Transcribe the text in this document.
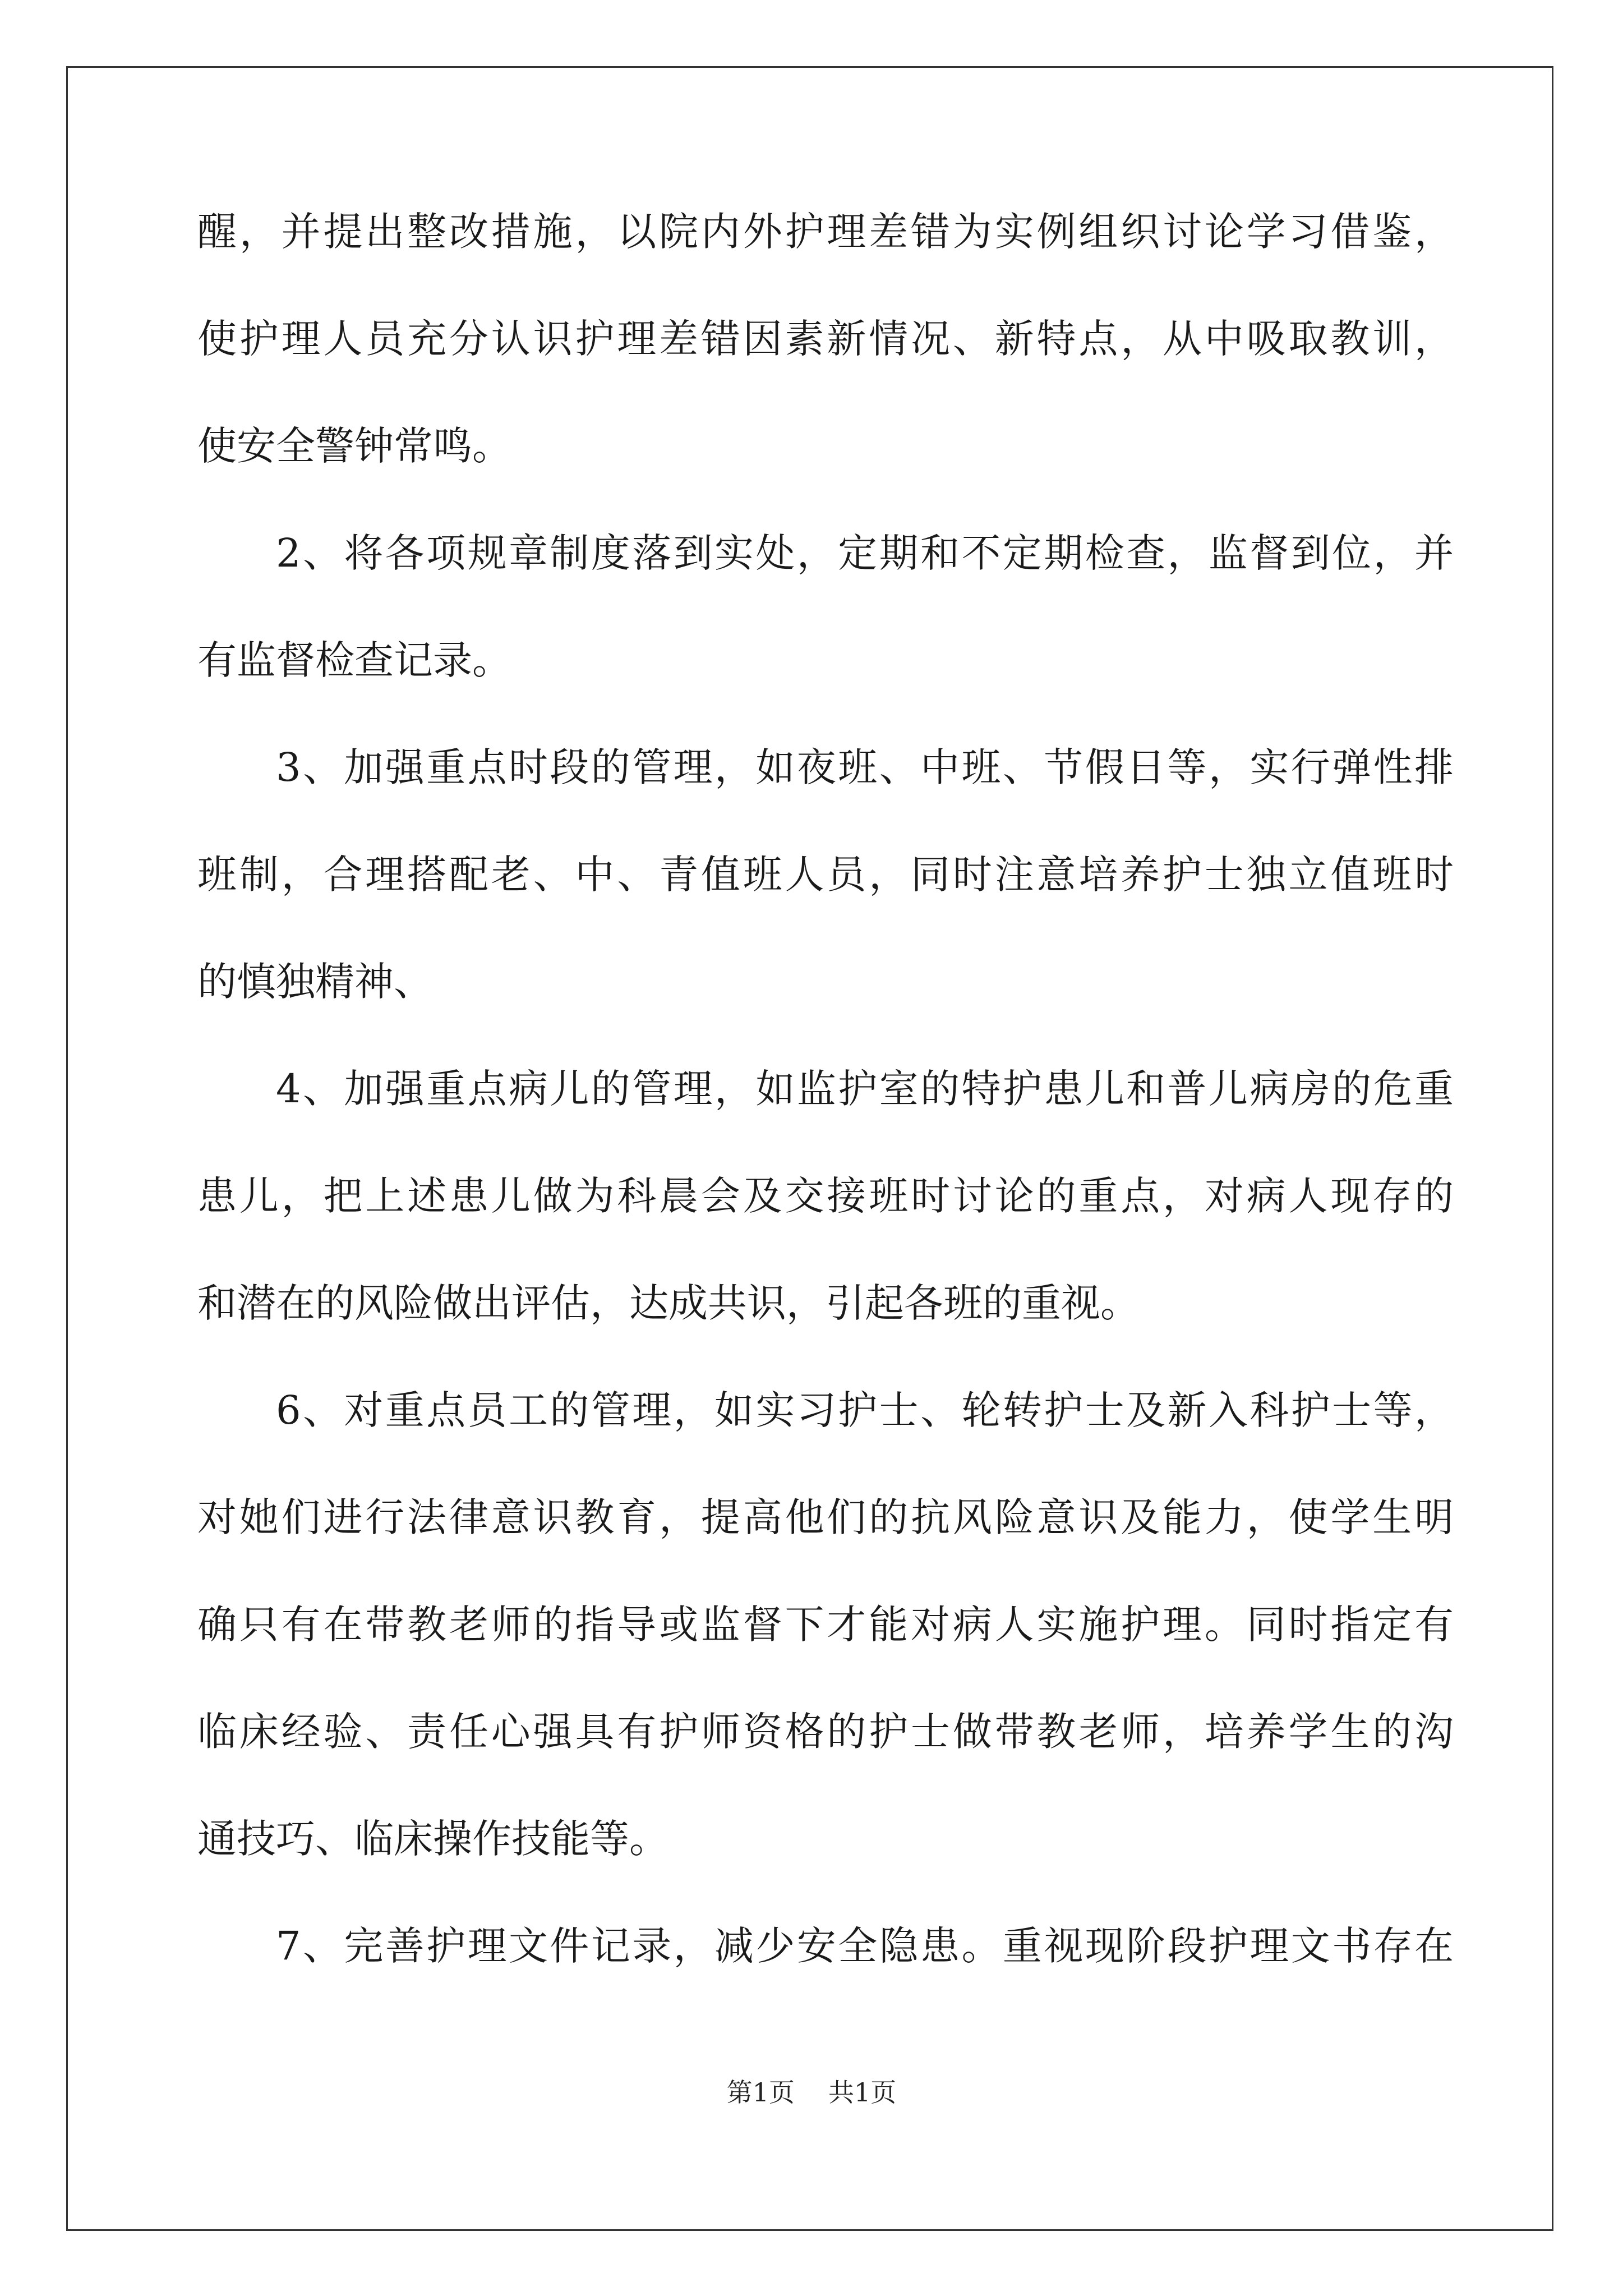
醒，并提出整改措施，以院内外护理差错为实例组织讨论学习借鉴，
使护理人员充分认识护理差错因素新情况、新特点，从中吸取教训，
使安全警钟常鸣。
2、将各项规章制度落到实处，定期和不定期检查，监督到位，并
有监督检查记录。
3、加强重点时段的管理，如夜班、中班、节假日等，实行弹性排
班制，合理搭配老、中、青值班人员，同时注意培养护士独立值班时
的慎独精神、
4、加强重点病儿的管理，如监护室的特护患儿和普儿病房的危重
患儿，把上述患儿做为科晨会及交接班时讨论的重点，对病人现存的
和潜在的风险做出评估，达成共识，引起各班的重视。
6、对重点员工的管理，如实习护士、轮转护士及新入科护士等，
对她们进行法律意识教育，提高他们的抗风险意识及能力，使学生明
确只有在带教老师的指导或监督下才能对病人实施护理。同时指定有
临床经验、责任心强具有护师资格的护士做带教老师，培养学生的沟
通技巧、临床操作技能等。
7、完善护理文件记录，减少安全隐患。重视现阶段护理文书存在
第1页 共1页
